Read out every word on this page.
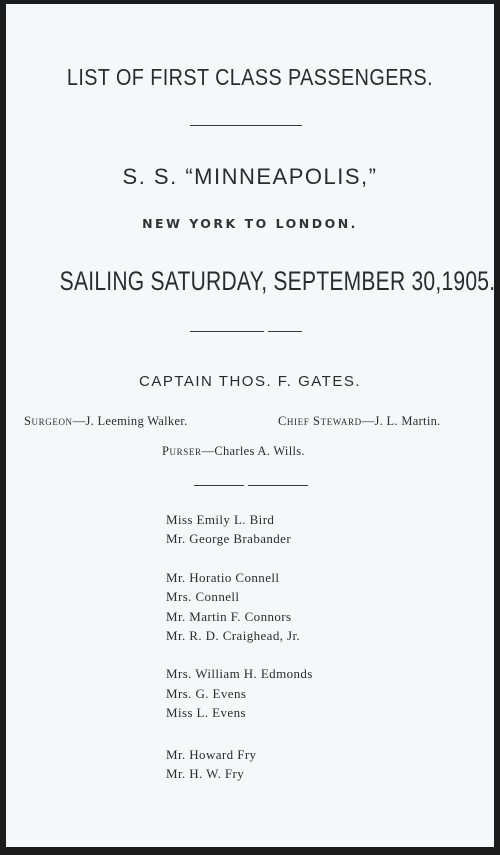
LIST OF FIRST CLASS PASSENGERS.
S. S. “MINNEAPOLIS,”
NEW YORK TO LONDON.
SAILING SATURDAY, SEPTEMBER 30,1905.
CAPTAIN THOS. F. GATES.
Surgeon—J. Leeming Walker.	Chief Steward—J. L. Martin.
Purser—Charles A. Wills.
Miss Emily L. Bird
Mr. George Brabander
Mr. Horatio Connell
Mrs. Connell
Mr. Martin F. Connors
Mr. R. D. Craighead, Jr.
Mrs. William H. Edmonds
Mrs. G. Evens
Miss L. Evens
Mr. Howard Fry
Mr. H. W. Fry
